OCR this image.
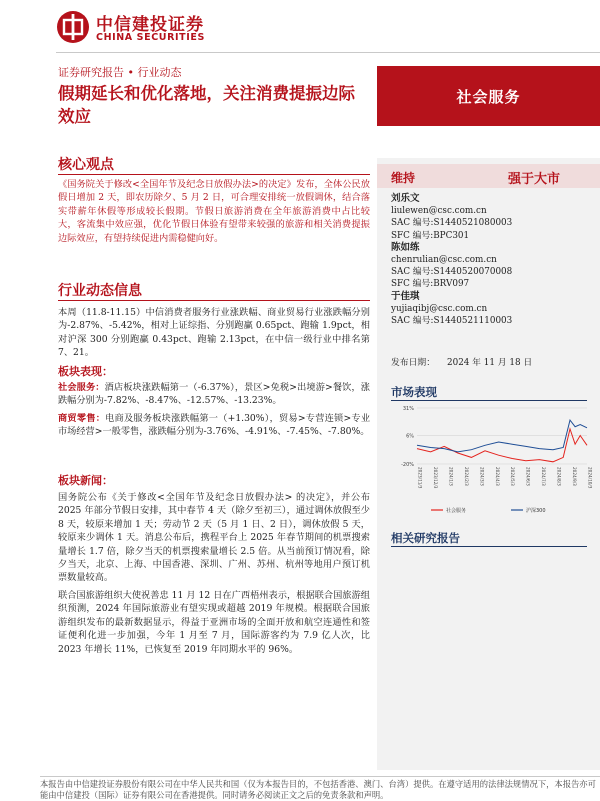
中信建投证券
CHINA SECURITIES
证券研究报告 • 行业动态
假期延长和优化落地，关注消费提振边际效应
社会服务
核心观点
《国务院关于修改<全国年节及纪念日放假办法>的决定》发布，全体公民放假日增加 2 天，即农历除夕、5 月 2 日，可合理安排统一放假调休，结合落实带薪年休假等形成较长假期。节假日旅游消费在全年旅游消费中占比较大，客流集中效应强，优化节假日体验有望带来较强的旅游和相关消费提振边际效应，有望持续促进内需稳健向好。
行业动态信息
本周（11.8-11.15）中信消费者服务行业涨跌幅、商业贸易行业涨跌幅分别为-2.87%、-5.42%，相对上证综指、分别跑赢 0.65pct、跑输 1.9pct，相对沪深 300 分别跑赢 0.43pct、跑输 2.13pct，在中信一级行业中排名第 7、21。
板块表现：
社会服务：酒店板块涨跌幅第一（-6.37%），景区>免税>出境游>餐饮，涨跌幅分别为-7.82%、-8.47%、-12.57%、-13.23%。
商贸零售：电商及服务板块涨跌幅第一（+1.30%），贸易>专营连锁>专业市场经营>一般零售，涨跌幅分别为-3.76%、-4.91%、-7.45%、-7.80%。
板块新闻：
国务院公布《关于修改<全国年节及纪念日放假办法> 的决定》，并公布 2025 年部分节假日安排，其中春节 4 天（除夕至初三），通过调休放假至少 8 天，较原来增加 1 天；劳动节 2 天（5 月 1 日、2 日），调休放假 5 天，较原来少调休 1 天。消息公布后，携程平台上 2025 年春节期间的机票搜索量增长 1.7 倍，除夕当天的机票搜索量增长 2.5 倍。从当前预订情况看，除夕当天，北京、上海、中国香港、深圳、广州、苏州、杭州等地用户预订机票数量较高。
联合国旅游组织大使祝善忠 11 月 12 日在广西梧州表示，根据联合国旅游组织预测，2024 年国际旅游业有望实现或超越 2019 年规模。根据联合国旅游组织发布的最新数据显示，得益于亚洲市场的全面开放和航空连通性和签证便利化进一步加强，今年 1 月至 7 月，国际游客约为 7.9 亿人次，比 2023 年增长 11%，已恢复至 2019 年同期水平的 96%。
维持	强于大市
刘乐文
liulewen@csc.com.cn
SAC 编号:S1440521080003
SFC 编号:BPC301
陈如练
chenrulian@csc.com.cn
SAC 编号:S1440520070008
SFC 编号:BRV097
于佳琪
yujiaqibj@csc.com.cn
SAC 编号:S1440521110003
发布日期： 2024 年 11 月 18 日
市场表现
31%
6%
-20%
2023/11/3 2023/12/3 2024/1/3 2024/2/3 2024/3/3 2024/4/3 2024/5/3 2024/6/3 2024/7/3 2024/8/3 2024/9/3 2024/10/3
社会服务	沪深300
相关研究报告
本报告由中信建投证券股份有限公司在中华人民共和国（仅为本报告目的，不包括香港、澳门、台湾）提供。在遵守适用的法律法规情况下，本报告亦可能由中信建投（国际）证券有限公司在香港提供。同时请务必阅读正文之后的免责条款和声明。
